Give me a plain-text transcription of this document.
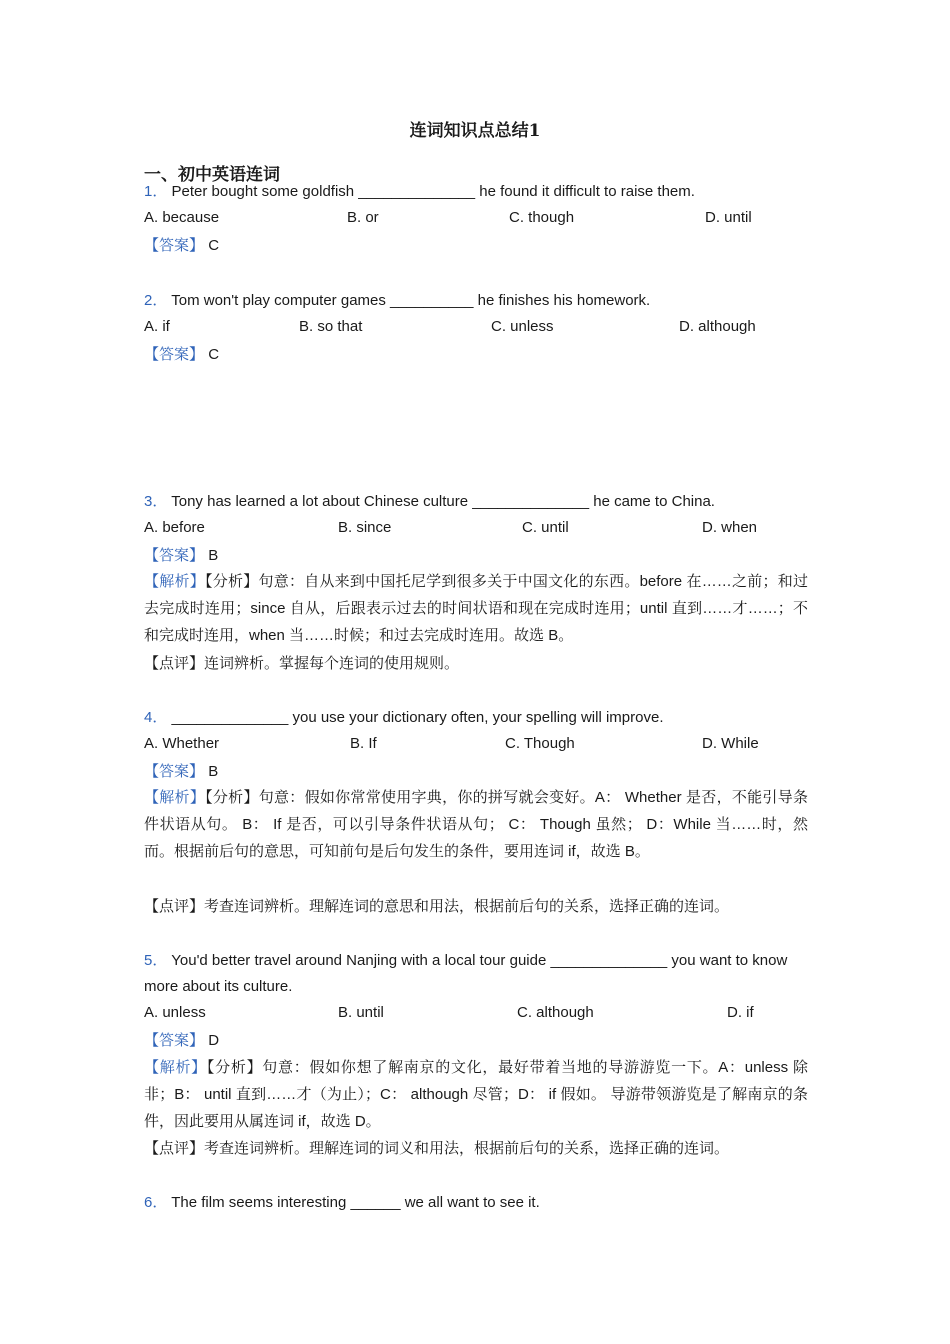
连词知识点总结1
一、初中英语连词
1． Peter bought some goldfish ______________ he found it difficult to raise them.
A. because	B. or	C. though	D. until
【答案】 C
2． Tom won't play computer games __________ he finishes his homework.
A. if	B. so that	C. unless	D. although
【答案】 C
3． Tony has learned a lot about Chinese culture ______________ he came to China.
A. before	B. since	C. until	D. when
【答案】 B
【解析】【分析】句意：自从来到中国托尼学到很多关于中国文化的东西。before 在……之前；和过去完成时连用；since 自从，后跟表示过去的时间状语和现在完成时连用；until 直到……才……；不和完成时连用，when 当……时候；和过去完成时连用。故选 B。
【点评】连词辨析。掌握每个连词的使用规则。
4． ______________ you use your dictionary often, your spelling will improve.
A. Whether	B. If	C. Though	D. While
【答案】 B
【解析】【分析】句意：假如你常常使用字典，你的拼写就会变好。A： Whether 是否，不能引导条件状语从句。 B： If 是否，可以引导条件状语从句； C： Though 虽然； D：While 当……时，然而。根据前后句的意思，可知前句是后句发生的条件，要用连词 if，故选 B。
【点评】考查连词辨析。理解连词的意思和用法，根据前后句的关系，选择正确的连词。
5． You'd better travel around Nanjing with a local tour guide ______________ you want to know
more about its culture.
A. unless	B. until	C. although	D. if
【答案】 D
【解析】【分析】句意：假如你想了解南京的文化，最好带着当地的导游游览一下。A：unless 除非；B： until 直到……才（为止）；C： although 尽管；D： if 假如。 导游带领游览是了解南京的条件，因此要用从属连词 if，故选 D。
【点评】考查连词辨析。理解连词的词义和用法，根据前后句的关系，选择正确的连词。
6． The film seems interesting ______ we all want to see it.
